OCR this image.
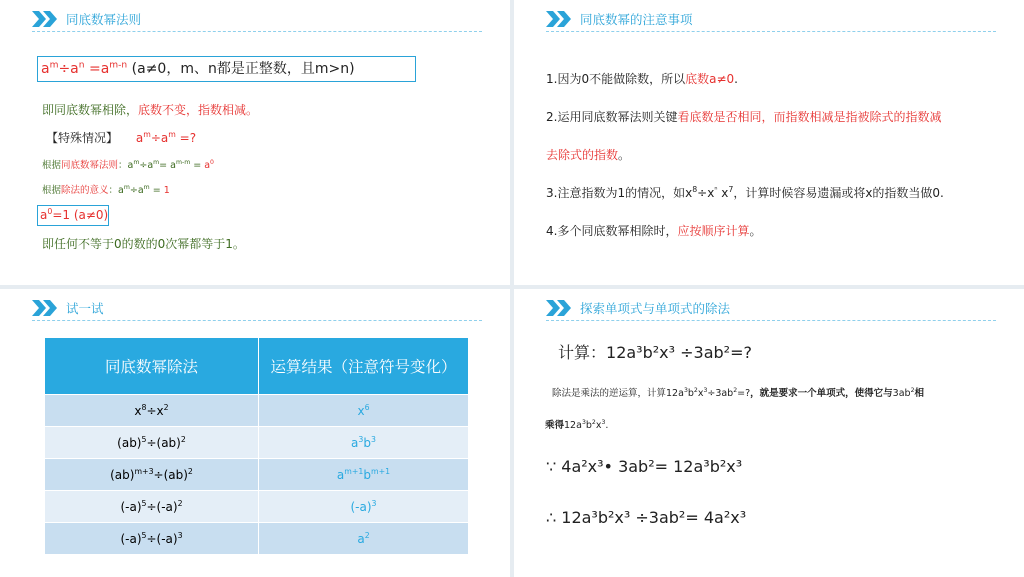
同底数幂法则
$a^m\div a^n =a^{m-n}$ (a≠0，m、n都是正整数，且m>n)
即同底数幂相除，底数不变，指数相减。
【特殊情况】 $a^m\div a^m$ =?
根据同底数幂法则：$a^m\div a^m= a^{m-m} = a^0$
根据除法的意义：$a^m\div a^m = 1$
$a^0=1$ (a≠0)
即任何不等于0的数的0次幂都等于1。
同底数幂的注意事项
1.因为0不能做除数，所以底数a≠0.
2.运用同底数幂法则关键看底数是否相同，而指数相减是指被除式的指数减
去除式的指数。
3.注意指数为1的情况，如$x^8\div x^{^n}$ $x^7$，计算时候容易遗漏或将x的指数当做0.
4.多个同底数幂相除时，应按顺序计算。
试一试
同底数幂除法	运算结果（注意符号变化）
$x^8\div x^2$	$x^6$
(ab)$^5$÷(ab)$^2$	$a^3b^3$
(ab)$^{m+3}$÷(ab)$^2$	$a^{m+1}b^{m+1}$
$(-a)^5\div(-a)^2$	$(-a)^3$
$(-a)^5\div(-a)^3$	$a^2$
探索单项式与单项式的除法
计算：12a³b²x³ ÷3ab²=?
除法是乘法的逆运算，计算$12a^3b^2x^3\div 3ab^2=$?，就是要求一个单项式，使得它与$3ab^2$相
乘得$12a^3b^2x^3$.
∵ 4a²x³• 3ab²= 12a³b²x³
∴ 12a³b²x³ ÷3ab²= 4a²x³
